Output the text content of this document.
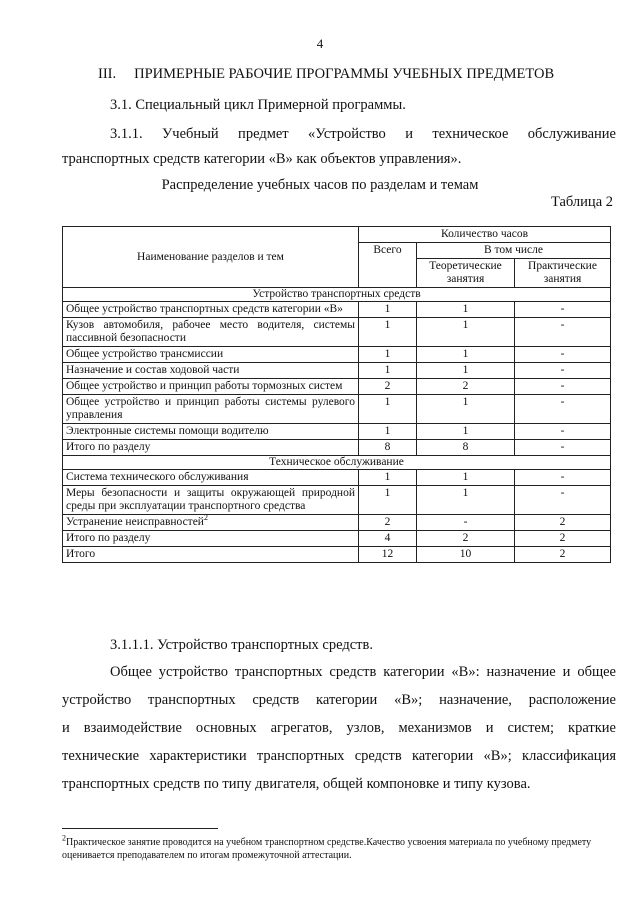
4
III. ПРИМЕРНЫЕ РАБОЧИЕ ПРОГРАММЫ УЧЕБНЫХ ПРЕДМЕТОВ
3.1. Специальный цикл Примерной программы.
3.1.1. Учебный предмет «Устройство и техническое обслуживание
транспортных средств категории «В» как объектов управления».
Распределение учебных часов по разделам и темам
Таблица 2
Наименование разделов и тем	Количество часов		
	Всего	В том числе	
		Теоретические занятия	Практические занятия
Устройство транспортных средств			
Общее устройство транспортных средств категории «В»	1	1	-
Кузов автомобиля, рабочее место водителя, системы пассивной безопасности	1	1	-
Общее устройство трансмиссии	1	1	-
Назначение и состав ходовой части	1	1	-
Общее устройство и принцип работы тормозных систем	2	2	-
Общее устройство и принцип работы системы рулевого управления	1	1	-
Электронные системы помощи водителю	1	1	-
Итого по разделу	8	8	-
Техническое обслуживание			
Система технического обслуживания	1	1	-
Меры безопасности и защиты окружающей природной среды при эксплуатации транспортного средства	1	1	-
Устранение неисправностей$^2$	2	-	2
Итого по разделу	4	2	2
Итого	12	10	2
3.1.1.1. Устройство транспортных средств.
Общее устройство транспортных средств категории «В»: назначение и общее
устройство транспортных средств категории «В»; назначение, расположение
и взаимодействие основных агрегатов, узлов, механизмов и систем; краткие
технические характеристики транспортных средств категории «В»; классификация
транспортных средств по типу двигателя, общей компоновке и типу кузова.
$^2$Практическое занятие проводится на учебном транспортном средстве.Качество усвоения материала по учебному предмету оценивается преподавателем по итогам промежуточной аттестации.
